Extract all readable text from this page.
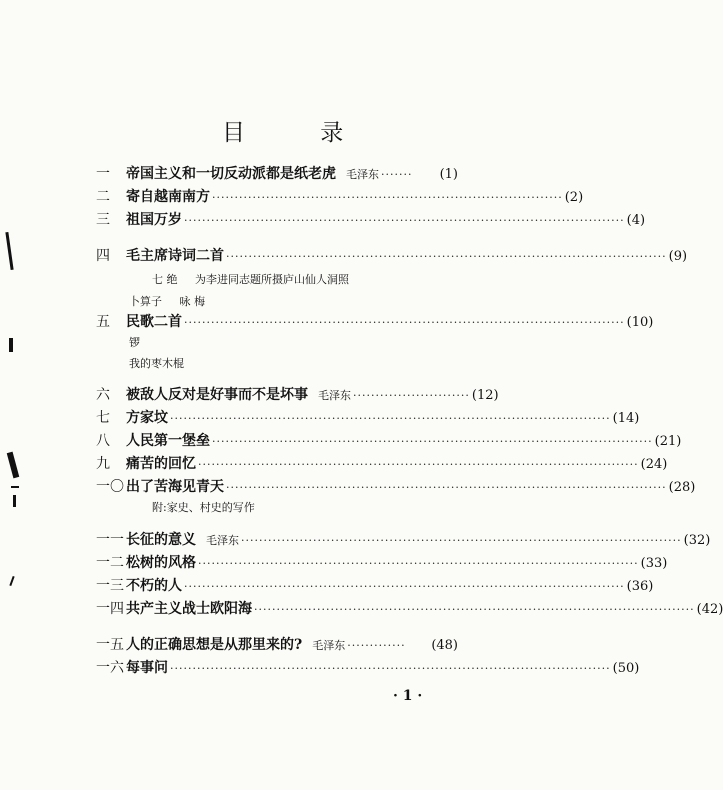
目 录
一	帝国主义和一切反动派都是纸老虎 毛泽东 ·······	(1)
二	寄自越南南方 ·············································································· (2)
三	祖国万岁 ·································································································· (4)
四	毛主席诗词二首 ·································································································· (9)
七 绝 为李进同志题所摄庐山仙人洞照
卜算子 咏 梅
五	民歌二首 ·································································································· (10)
锣
我的枣木棍
六	被敌人反对是好事而不是坏事 毛泽东 ·························· (12)
七	方家坟 ·································································································· (14)
八	人民第一堡垒 ·································································································· (21)
九	痛苦的回忆 ·································································································· (24)
一〇 出了苦海见青天 ·································································································· (28)
附:家史、村史的写作
一一 长征的意义 毛泽东 ·································································································· (32)
一二 松树的风格 ·································································································· (33)
一三 不朽的人 ·································································································· (36)
一四 共产主义战士欧阳海 ·································································································· (42)
一五 人的正确思想是从那里来的? 毛泽东 ·············	(48)
一六 每事问 ·································································································· (50)
· 1 ·
